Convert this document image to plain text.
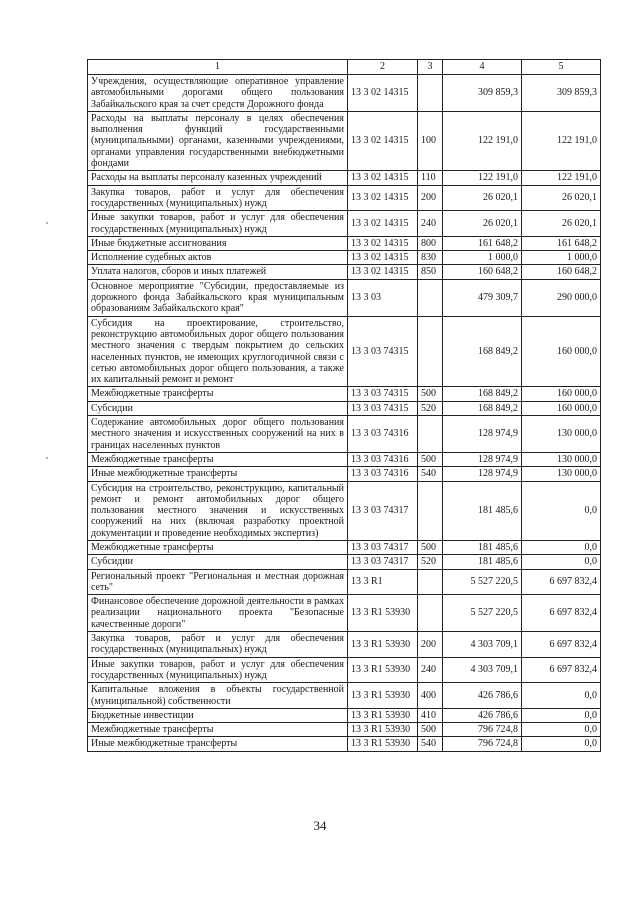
1	2	3	4	5
Учреждения, осуществляющие оперативное управление автомобильными дорогами общего пользования Забайкальского края за счет средств Дорожного фонда	13 3 02 14315		309 859,3	309 859,3
Расходы на выплаты персоналу в целях обеспечения выполнения функций государственными (муниципальными) органами, казенными учреждениями, органами управления государственными внебюджетными фондами	13 3 02 14315	100	122 191,0	122 191,0
Расходы на выплаты персоналу казенных учреждений	13 3 02 14315	110	122 191,0	122 191,0
Закупка товаров, работ и услуг для обеспечения государственных (муниципальных) нужд	13 3 02 14315	200	26 020,1	26 020,1
Иные закупки товаров, работ и услуг для обеспечения государственных (муниципальных) нужд	13 3 02 14315	240	26 020,1	26 020,1
Иные бюджетные ассигнования	13 3 02 14315	800	161 648,2	161 648,2
Исполнение судебных актов	13 3 02 14315	830	1 000,0	1 000,0
Уплата налогов, сборов и иных платежей	13 3 02 14315	850	160 648,2	160 648,2
Основное мероприятие "Субсидии, предоставляемые из дорожного фонда Забайкальского края муниципальным образованиям Забайкальского края"	13 3 03		479 309,7	290 000,0
Субсидия на проектирование, строительство, реконструкцию автомобильных дорог общего пользования местного значения с твердым покрытием до сельских населенных пунктов, не имеющих круглогодичной связи с сетью автомобильных дорог общего пользования, а также их капитальный ремонт и ремонт	13 3 03 74315		168 849,2	160 000,0
Межбюджетные трансферты	13 3 03 74315	500	168 849,2	160 000,0
Субсидии	13 3 03 74315	520	168 849,2	160 000,0
Содержание автомобильных дорог общего пользования местного значения и искусственных сооружений на них в границах населенных пунктов	13 3 03 74316		128 974,9	130 000,0
Межбюджетные трансферты	13 3 03 74316	500	128 974,9	130 000,0
Иные межбюджетные трансферты	13 3 03 74316	540	128 974,9	130 000,0
Субсидия на строительство, реконструкцию, капитальный ремонт и ремонт автомобильных дорог общего пользования местного значения и искусственных сооружений на них (включая разработку проектной документации и проведение необходимых экспертиз)	13 3 03 74317		181 485,6	0,0
Межбюджетные трансферты	13 3 03 74317	500	181 485,6	0,0
Субсидии	13 3 03 74317	520	181 485,6	0,0
Региональный проект "Региональная и местная дорожная сеть"	13 3 R1		5 527 220,5	6 697 832,4
Финансовое обеспечение дорожной деятельности в рамках реализации национального проекта "Безопасные качественные дороги"	13 3 R1 53930		5 527 220,5	6 697 832,4
Закупка товаров, работ и услуг для обеспечения государственных (муниципальных) нужд	13 3 R1 53930	200	4 303 709,1	6 697 832,4
Иные закупки товаров, работ и услуг для обеспечения государственных (муниципальных) нужд	13 3 R1 53930	240	4 303 709,1	6 697 832,4
Капитальные вложения в объекты государственной (муниципальной) собственности	13 3 R1 53930	400	426 786,6	0,0
Бюджетные инвестиции	13 3 R1 53930	410	426 786,6	0,0
Межбюджетные трансферты	13 3 R1 53930	500	796 724,8	0,0
Иные межбюджетные трансферты	13 3 R1 53930	540	796 724,8	0,0
34
